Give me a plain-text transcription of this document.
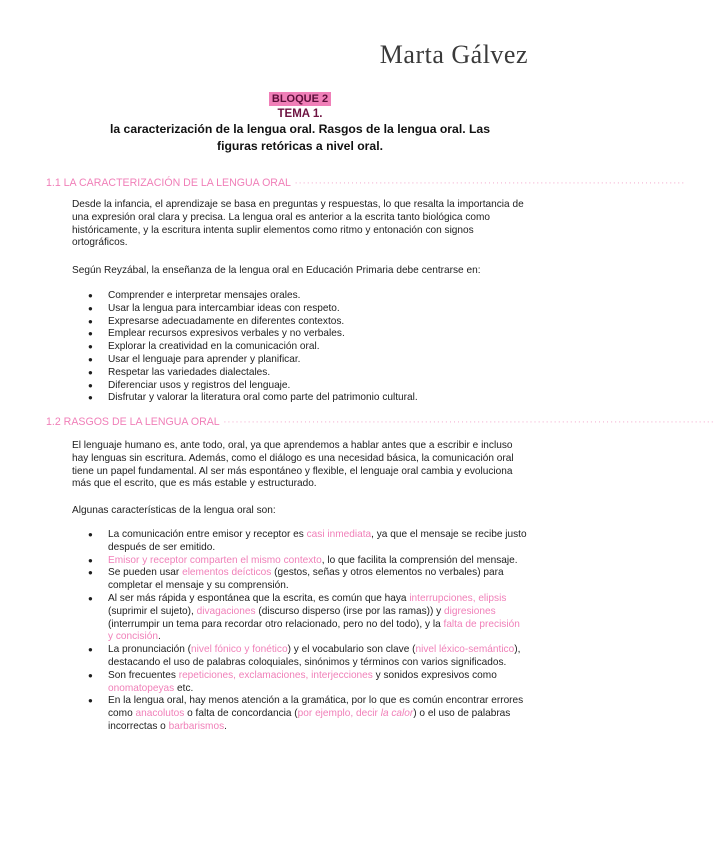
Marta Gálvez
BLOQUE 2
TEMA 1.
la caracterización de la lengua oral. Rasgos de la lengua oral. Las
figuras retóricas a nivel oral.
1.1 LA CARACTERIZACIÓN DE LA LENGUA ORAL ·································································································
Desde la infancia, el aprendizaje se basa en preguntas y respuestas, lo que resalta la importancia de una expresión oral clara y precisa. La lengua oral es anterior a la escrita tanto biológica como históricamente, y la escritura intenta suplir elementos como ritmo y entonación con signos ortográficos.
Según Reyzábal, la enseñanza de la lengua oral en Educación Primaria debe centrarse en:
● Comprender e interpretar mensajes orales.
● Usar la lengua para intercambiar ideas con respeto.
● Expresarse adecuadamente en diferentes contextos.
● Emplear recursos expresivos verbales y no verbales.
● Explorar la creatividad en la comunicación oral.
● Usar el lenguaje para aprender y planificar.
● Respetar las variedades dialectales.
● Diferenciar usos y registros del lenguaje.
● Disfrutar y valorar la literatura oral como parte del patrimonio cultural.
1.2 RASGOS DE LA LENGUA ORAL ··························································································································
El lenguaje humano es, ante todo, oral, ya que aprendemos a hablar antes que a escribir e incluso hay lenguas sin escritura. Además, como el diálogo es una necesidad básica, la comunicación oral tiene un papel fundamental. Al ser más espontáneo y flexible, el lenguaje oral cambia y evoluciona más que el escrito, que es más estable y estructurado.
Algunas características de la lengua oral son:
● La comunicación entre emisor y receptor es casi inmediata, ya que el mensaje se recibe justo después de ser emitido.
● Emisor y receptor comparten el mismo contexto, lo que facilita la comprensión del mensaje.
● Se pueden usar elementos deícticos (gestos, señas y otros elementos no verbales) para completar el mensaje y su comprensión.
● Al ser más rápida y espontánea que la escrita, es común que haya interrupciones, elipsis (suprimir el sujeto), divagaciones (discurso disperso (irse por las ramas)) y digresiones (interrumpir un tema para recordar otro relacionado, pero no del todo), y la falta de precisión y concisión.
● La pronunciación (nivel fónico y fonético) y el vocabulario son clave (nivel léxico-semántico), destacando el uso de palabras coloquiales, sinónimos y términos con varios significados.
● Son frecuentes repeticiones, exclamaciones, interjecciones y sonidos expresivos como onomatopeyas etc.
● En la lengua oral, hay menos atención a la gramática, por lo que es común encontrar errores como anacolutos o falta de concordancia (por ejemplo, decir la calor) o el uso de palabras incorrectas o barbarismos.
